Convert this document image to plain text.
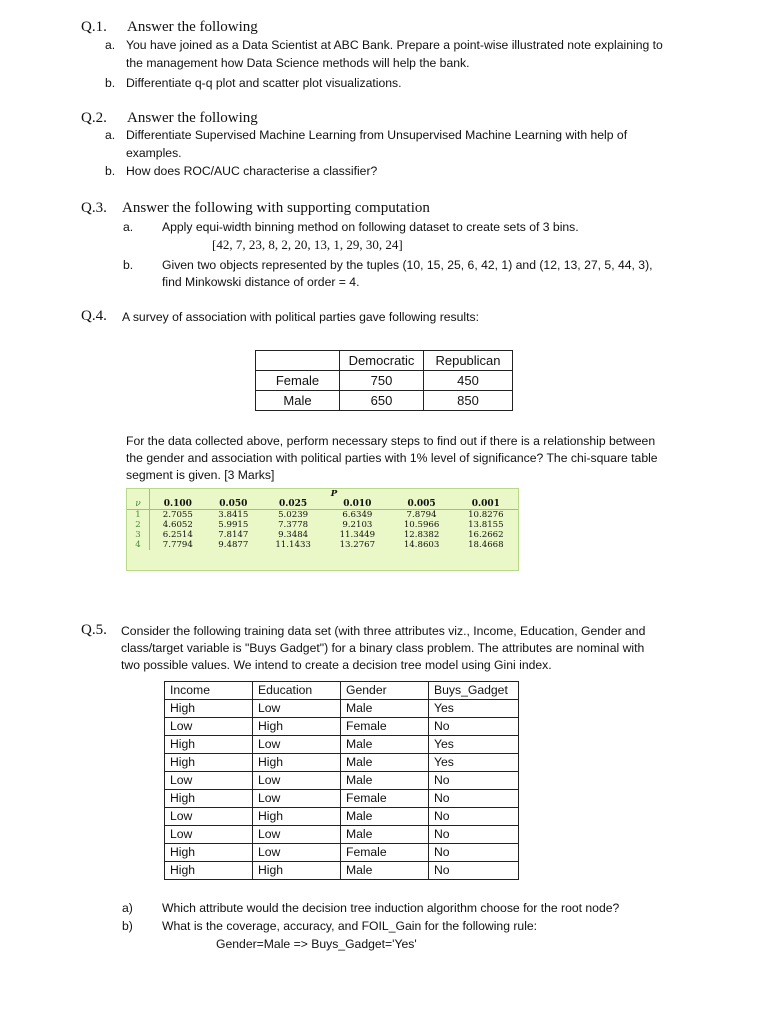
Q.1. Answer the following
a. You have joined as a Data Scientist at ABC Bank. Prepare a point-wise illustrated note explaining to
the management how Data Science methods will help the bank.
b. Differentiate q-q plot and scatter plot visualizations.
Q.2. Answer the following
a. Differentiate Supervised Machine Learning from Unsupervised Machine Learning with help of
examples.
b. How does ROC/AUC characterise a classifier?
Q.3. Answer the following with supporting computation
a. Apply equi-width binning method on following dataset to create sets of 3 bins.
[42, 7, 23, 8, 2, 20, 13, 1, 29, 30, 24]
b. Given two objects represented by the tuples (10, 15, 25, 6, 42, 1) and (12, 13, 27, 5, 44, 3),
find Minkowski distance of order = 4.
Q.4. A survey of association with political parties gave following results:
	Democratic	Republican
Female	750	450
Male	650	850
For the data collected above, perform necessary steps to find out if there is a relationship between
the gender and association with political parties with 1% level of significance? The chi-square table
segment is given. [3 Marks]
	P					
ν	0.100	0.050	0.025	0.010	0.005	0.001
1	2.7055	3.8415	5.0239	6.6349	7.8794	10.8276
2	4.6052	5.9915	7.3778	9.2103	10.5966	13.8155
3	6.2514	7.8147	9.3484	11.3449	12.8382	16.2662
4	7.7794	9.4877	11.1433	13.2767	14.8603	18.4668
Q.5. Consider the following training data set (with three attributes viz., Income, Education, Gender and
class/target variable is "Buys Gadget") for a binary class problem. The attributes are nominal with
two possible values. We intend to create a decision tree model using Gini index.
Income	Education	Gender	Buys_Gadget
High	Low	Male	Yes
Low	High	Female	No
High	Low	Male	Yes
High	High	Male	Yes
Low	Low	Male	No
High	Low	Female	No
Low	High	Male	No
Low	Low	Male	No
High	Low	Female	No
High	High	Male	No
a) Which attribute would the decision tree induction algorithm choose for the root node?
b) What is the coverage, accuracy, and FOIL_Gain for the following rule:
Gender=Male => Buys_Gadget='Yes'
